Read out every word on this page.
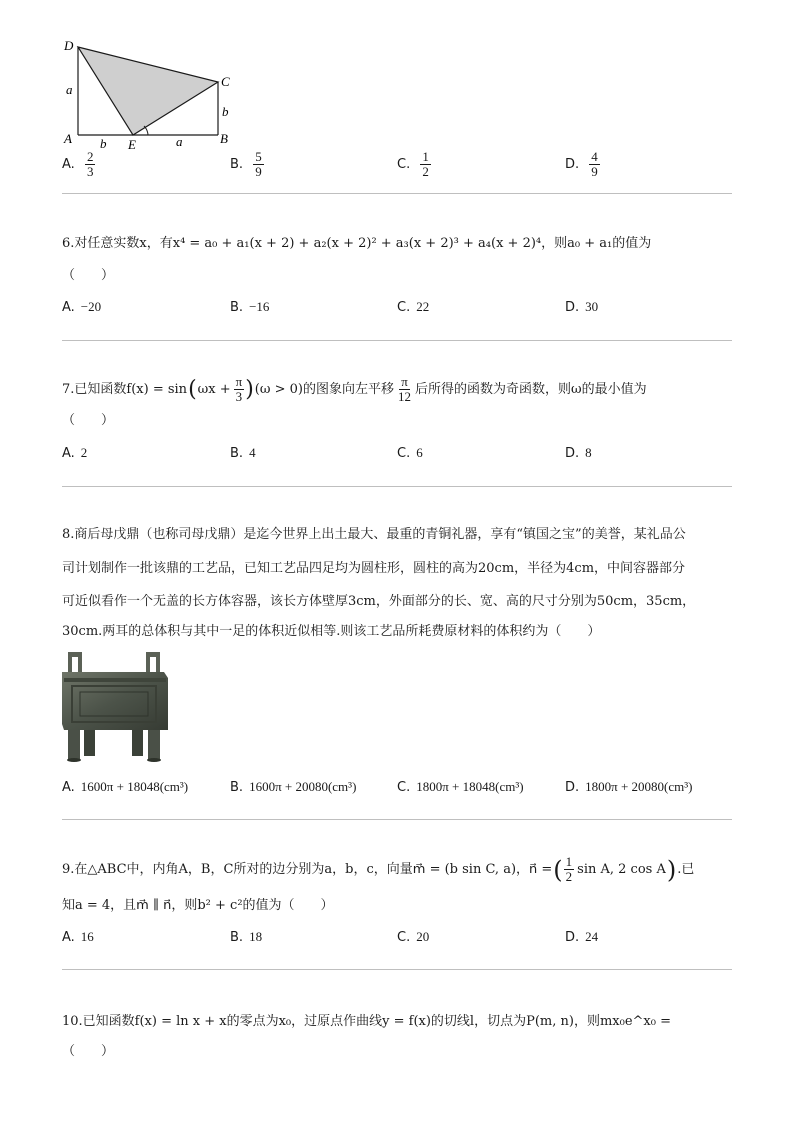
D
A	E	B
C
a
b
b	a
A. $\frac{2}{3}$	B. $\frac{5}{9}$	C. $\frac{1}{2}$	D. $\frac{4}{9}$
6.对任意实数x，有x⁴ = a₀ + a₁(x + 2) + a₂(x + 2)² + a₃(x + 2)³ + a₄(x + 2)⁴，则a₀ + a₁的值为
（　　）
A. −20	B. −16	C. 22	D. 30
7.已知函数f(x) = sin ( $\omega x + \frac{\pi}{3}$ ) (ω > 0)的图象向左平移 $\frac{\pi}{12}$ 后所得的函数为奇函数，则ω的最小值为
（　　）
A. 2	B. 4	C. 6	D. 8
8.商后母戊鼎（也称司母戊鼎）是迄今世界上出土最大、最重的青铜礼器，享有“镇国之宝”的美誉，某礼品公
司计划制作一批该鼎的工艺品，已知工艺品四足均为圆柱形，圆柱的高为20cm，半径为4cm，中间容器部分
可近似看作一个无盖的长方体容器，该长方体壁厚3cm，外面部分的长、宽、高的尺寸分别为50cm，35cm，
30cm.两耳的总体积与其中一足的体积近似相等.则该工艺品所耗费原材料的体积约为（　　）
A. 1600π + 18048(cm³)	B. 1600π + 20080(cm³)	C. 1800π + 18048(cm³)	D. 1800π + 20080(cm³)
9.在△ABC中，内角A，B，C所对的边分别为a，b，c，向量m⃗ = (b sin C, a)，n⃗ = ( $\frac{1}{2}$ sin A, 2 cos A ) .已
知a = 4，且m⃗ ∥ n⃗，则b² + c²的值为（　　）
A. 16	B. 18	C. 20	D. 24
10.已知函数f(x) = ln x + x的零点为x₀，过原点作曲线y = f(x)的切线l，切点为P(m, n)，则mx₀e^x₀ =
（　　）
